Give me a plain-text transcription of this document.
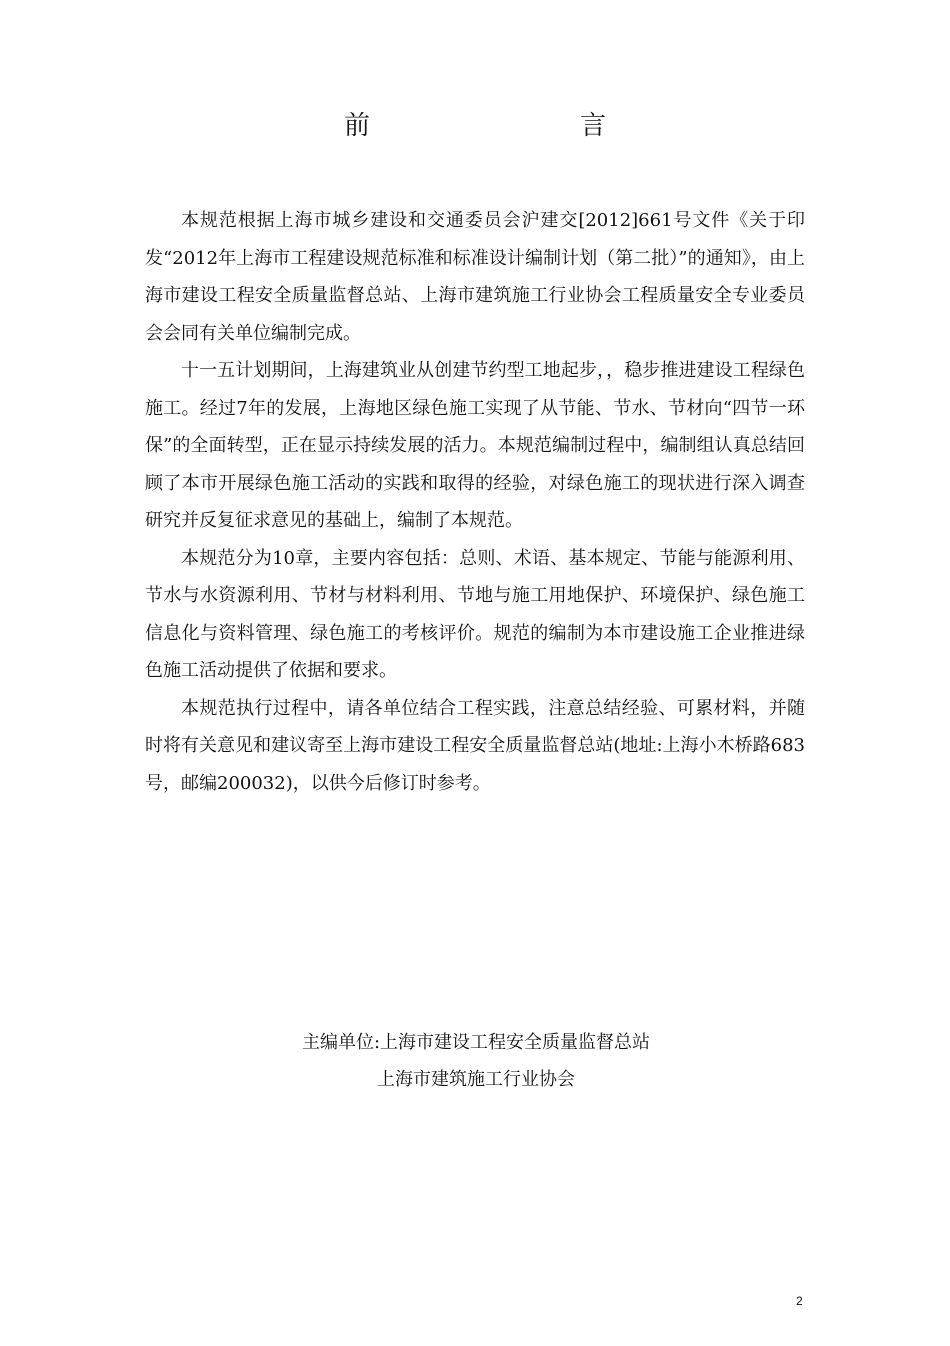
前　言

本规范根据上海市城乡建设和交通委员会沪建交[2012]661号文件《关于印发“2012年上海市工程建设规范标准和标准设计编制计划（第二批）”的通知》，由上海市建设工程安全质量监督总站、上海市建筑施工行业协会工程质量安全专业委员会会同有关单位编制完成。

十一五计划期间，上海建筑业从创建节约型工地起步，，稳步推进建设工程绿色施工。经过7年的发展，上海地区绿色施工实现了从节能、节水、节材向“四节一环保”的全面转型，正在显示持续发展的活力。本规范编制过程中，编制组认真总结回顾了本市开展绿色施工活动的实践和取得的经验，对绿色施工的现状进行深入调查研究并反复征求意见的基础上，编制了本规范。

本规范分为10章，主要内容包括：总则、术语、基本规定、节能与能源利用、节水与水资源利用、节材与材料利用、节地与施工用地保护、环境保护、绿色施工信息化与资料管理、绿色施工的考核评价。规范的编制为本市建设施工企业推进绿色施工活动提供了依据和要求。

本规范执行过程中，请各单位结合工程实践，注意总结经验、可累材料，并随时将有关意见和建议寄至上海市建设工程安全质量监督总站(地址:上海小木桥路683号，邮编200032)，以供今后修订时参考。

主编单位:上海市建设工程安全质量监督总站
上海市建筑施工行业协会
2
